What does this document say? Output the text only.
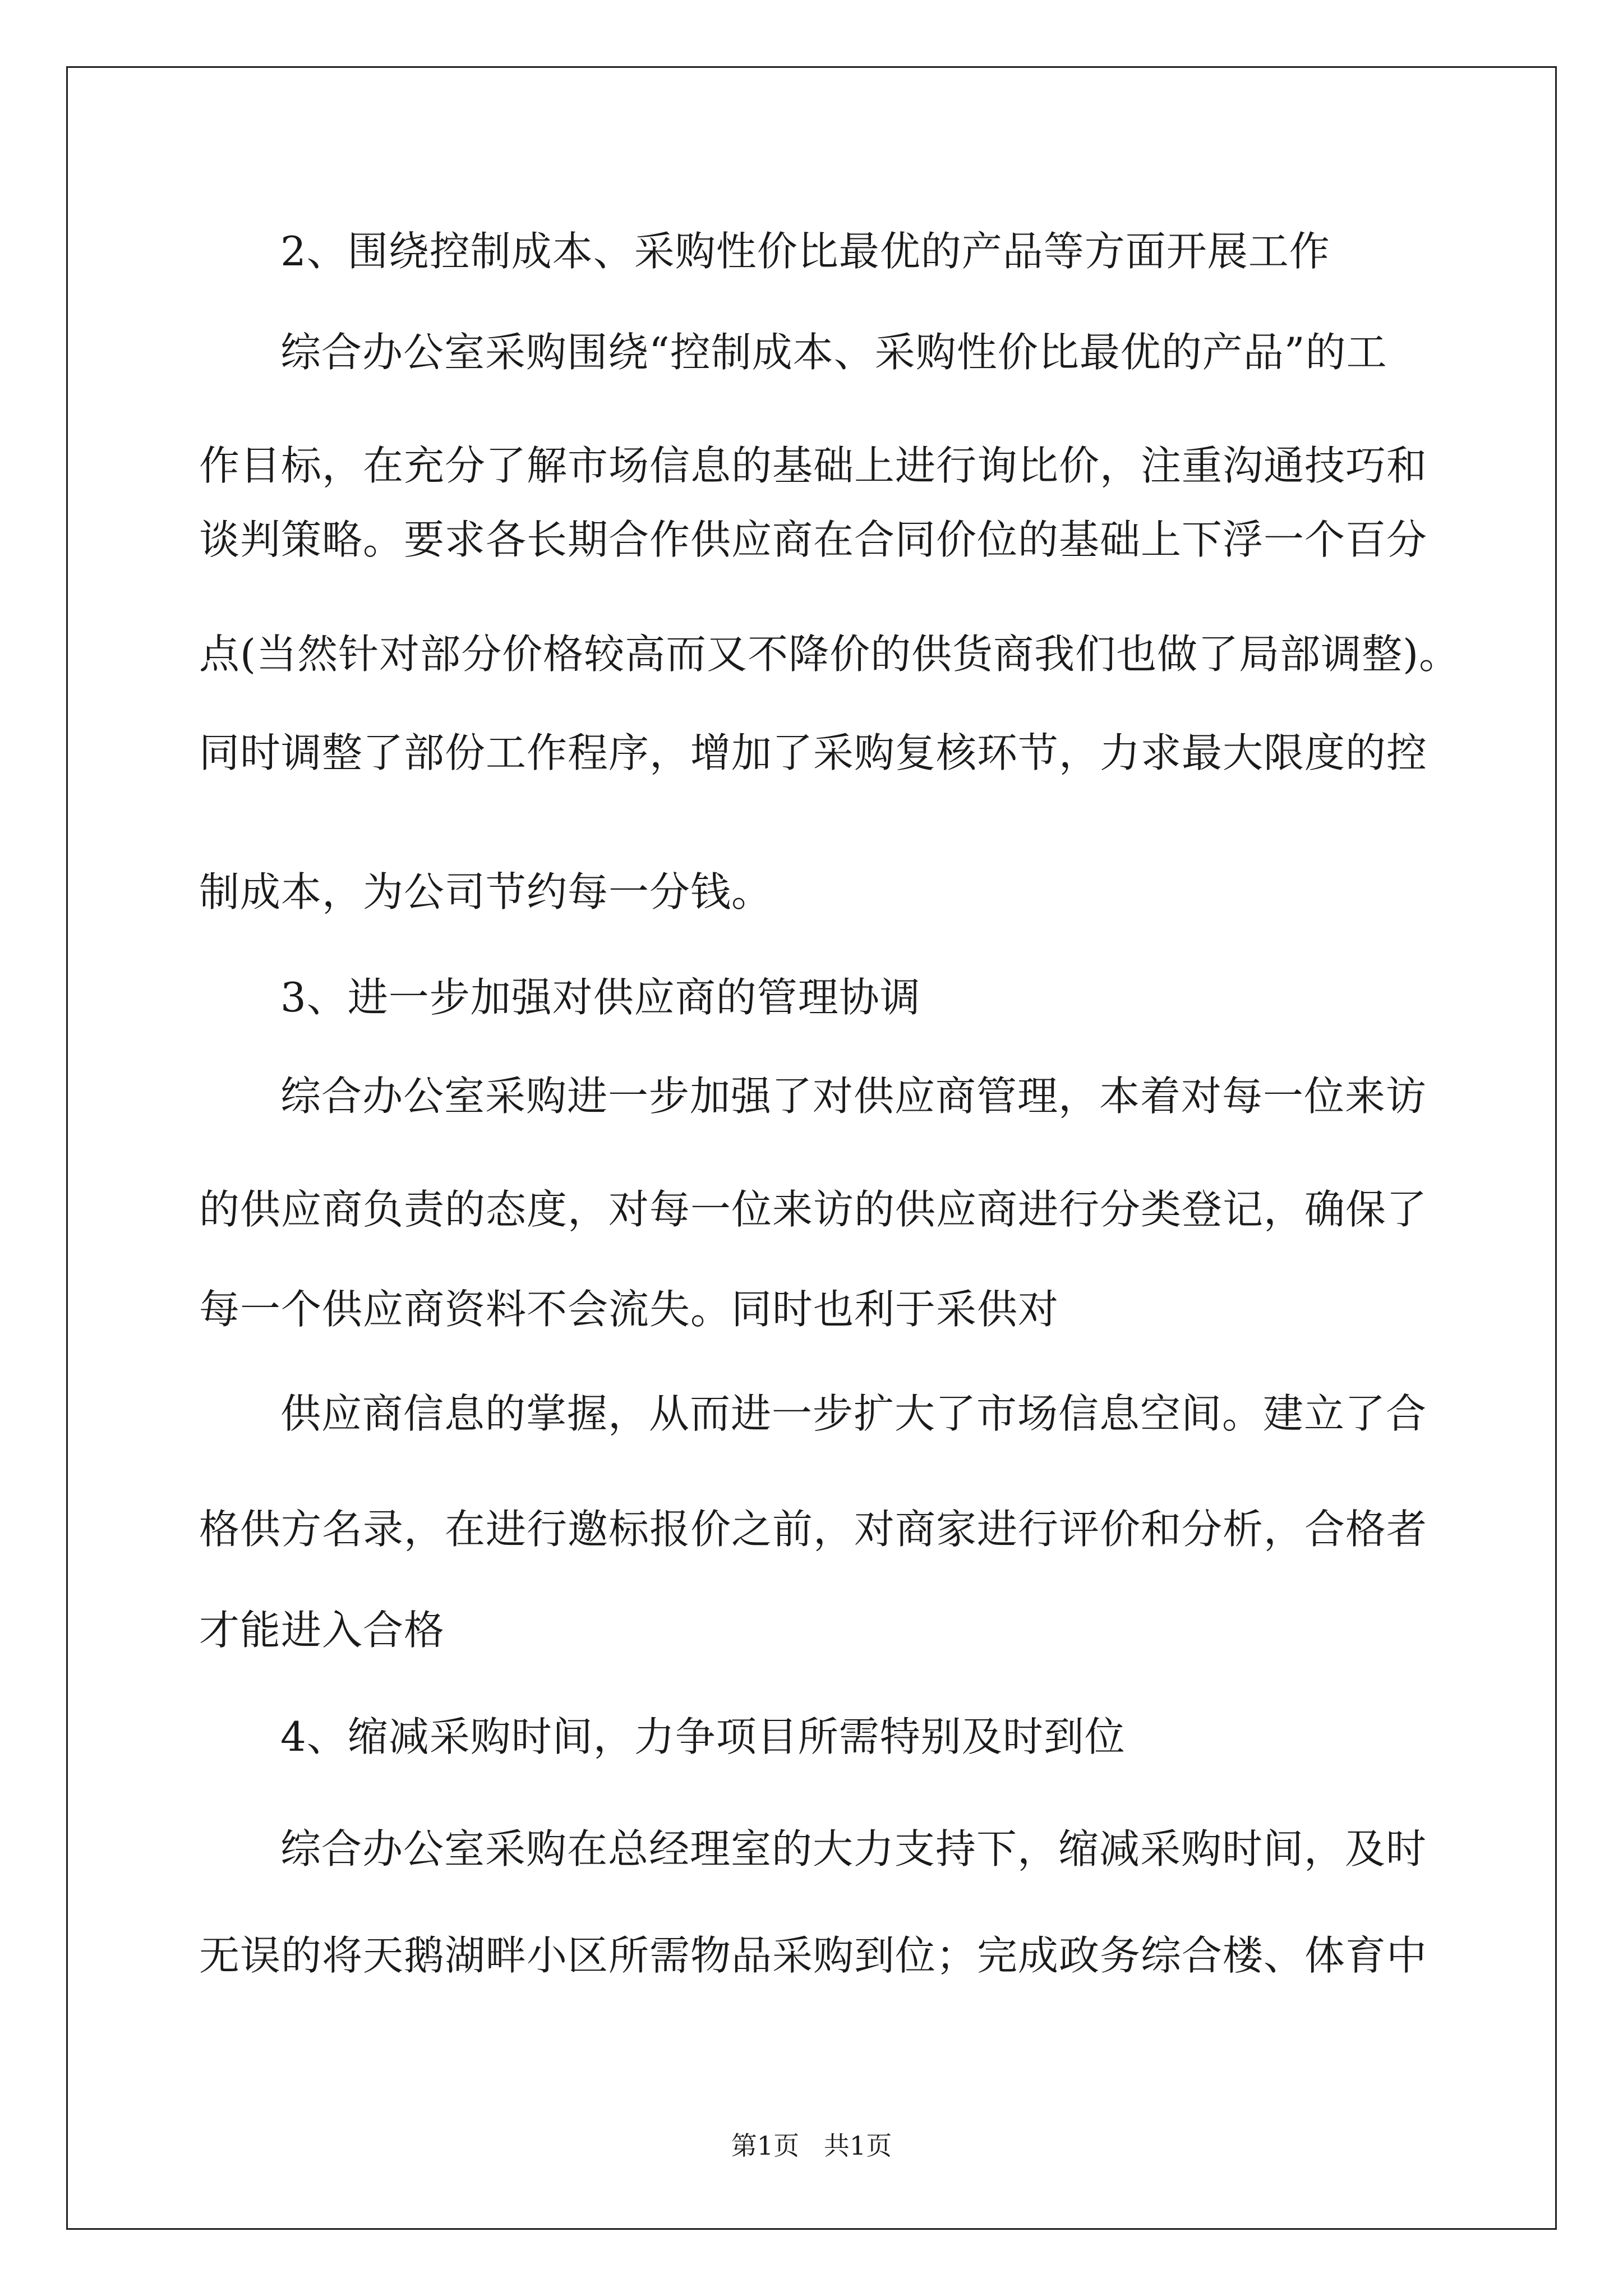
2、围绕控制成本、采购性价比最优的产品等方面开展工作
综合办公室采购围绕“控制成本、采购性价比最优的产品”的工
作目标，在充分了解市场信息的基础上进行询比价，注重沟通技巧和
谈判策略。要求各长期合作供应商在合同价位的基础上下浮一个百分
点(当然针对部分价格较高而又不降价的供货商我们也做了局部调整)。
同时调整了部份工作程序，增加了采购复核环节，力求最大限度的控
制成本，为公司节约每一分钱。
3、进一步加强对供应商的管理协调
综合办公室采购进一步加强了对供应商管理，本着对每一位来访
的供应商负责的态度，对每一位来访的供应商进行分类登记，确保了
每一个供应商资料不会流失。同时也利于采供对
供应商信息的掌握，从而进一步扩大了市场信息空间。建立了合
格供方名录，在进行邀标报价之前，对商家进行评价和分析，合格者
才能进入合格
4、缩减采购时间，力争项目所需特别及时到位
综合办公室采购在总经理室的大力支持下，缩减采购时间，及时
无误的将天鹅湖畔小区所需物品采购到位；完成政务综合楼、体育中
第1页   共1页
